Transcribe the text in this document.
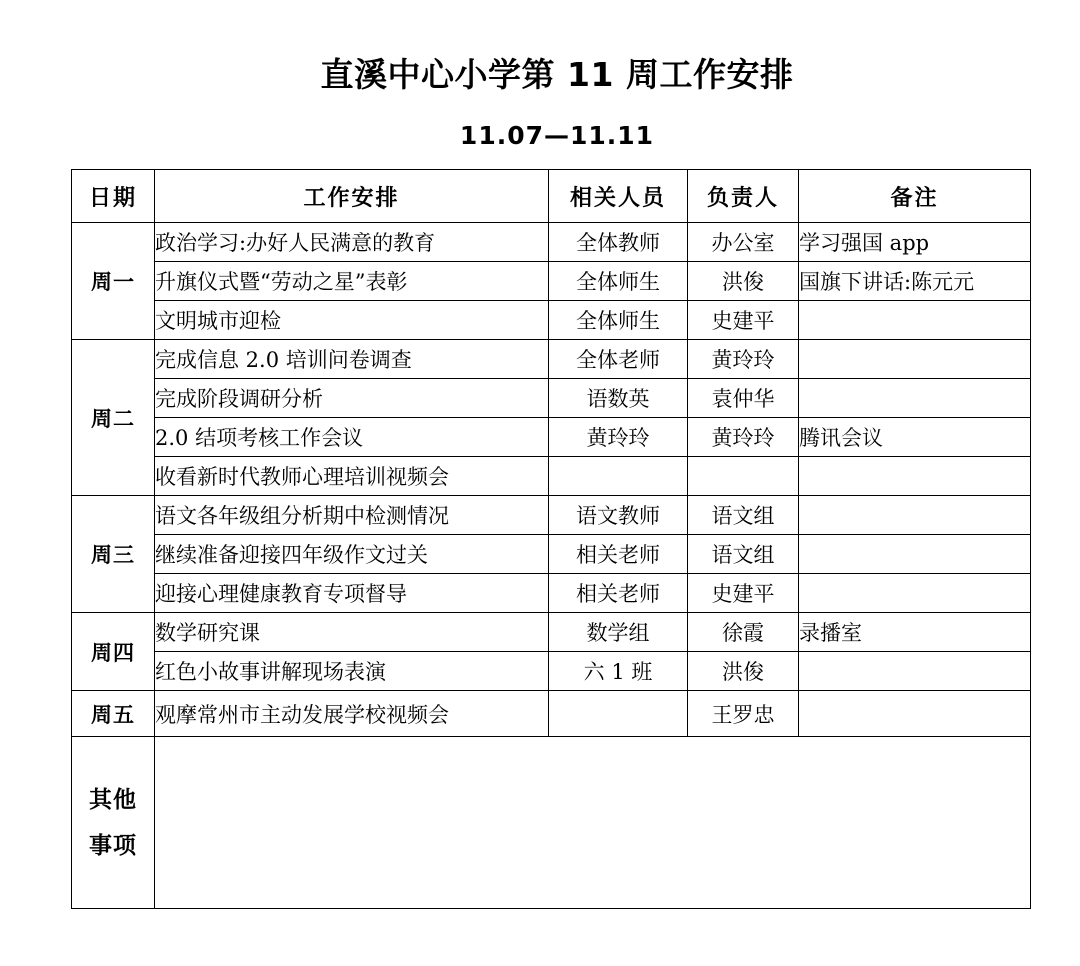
直溪中心小学第 11 周工作安排
11.07—11.11
日期	工作安排	相关人员	负责人	备注
周一	政治学习:办好人民满意的教育	全体教师	办公室	学习强国 app
	升旗仪式暨“劳动之星”表彰	全体师生	洪俊	国旗下讲话:陈元元
	文明城市迎检	全体师生	史建平	
周二	完成信息 2.0 培训问卷调查	全体老师	黄玲玲	
	完成阶段调研分析	语数英	袁仲华	
	2.0 结项考核工作会议	黄玲玲	黄玲玲	腾讯会议
	收看新时代教师心理培训视频会			
周三	语文各年级组分析期中检测情况	语文教师	语文组	
	继续准备迎接四年级作文过关	相关老师	语文组	
	迎接心理健康教育专项督导	相关老师	史建平	
周四	数学研究课	数学组	徐霞	录播室
	红色小故事讲解现场表演	六 1 班	洪俊	
周五	观摩常州市主动发展学校视频会		王罗忠	

其他
事项				
